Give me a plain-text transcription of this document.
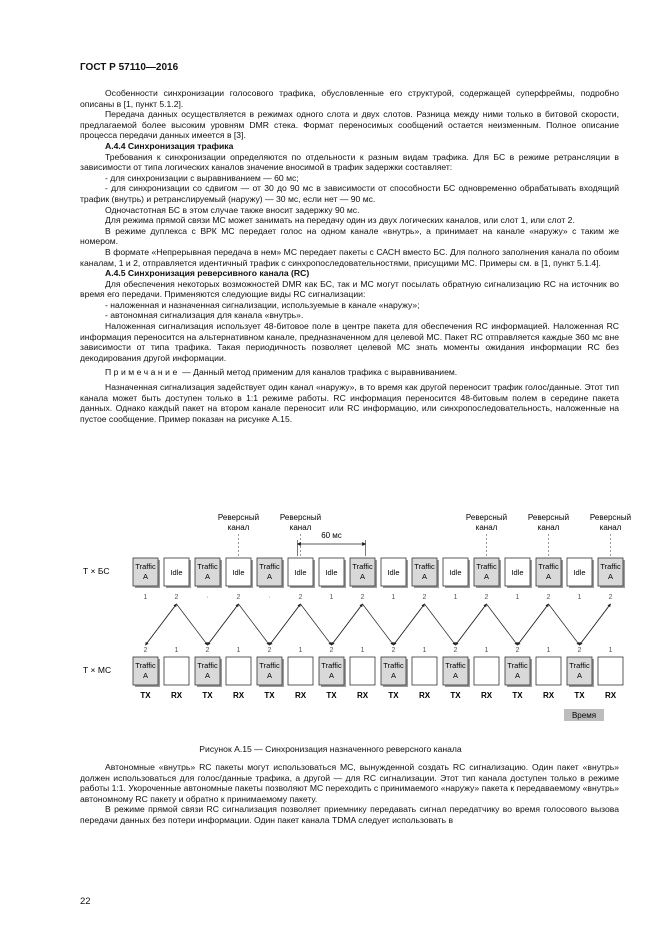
ГОСТ Р 57110—2016

Особенности синхронизации голосового трафика, обусловленные его структурой, содержащей суперфреймы, подробно описаны в [1, пункт 5.1.2].

Передача данных осуществляется в режимах одного слота и двух слотов. Разница между ними только в битовой скорости, предлагаемой более высоким уровням DMR стека. Формат переносимых сообщений остается неизменным. Полное описание процесса передачи данных имеется в [3].

А.4.4 Синхронизация трафика

Требования к синхронизации определяются по отдельности к разным видам трафика. Для БС в режиме ретрансляции в зависимости от типа логических каналов значение вносимой в трафик задержки составляет:

- для синхронизации с выравниванием — 60 мс;

- для синхронизации со сдвигом — от 30 до 90 мс в зависимости от способности БС одновременно обрабатывать входящий трафик (внутрь) и ретранслируемый (наружу) — 30 мс, если нет — 90 мс.

Одночастотная БС в этом случае также вносит задержку 90 мс.

Для режима прямой связи МС может занимать на передачу один из двух логических каналов, или слот 1, или слот 2.

В режиме дуплекса с ВРК МС передает голос на одном канале «внутрь», а принимает на канале «наружу» с таким же номером.

В формате «Непрерывная передача в нем» МС передает пакеты с САСН вместо БС. Для полного заполнения канала по обоим каналам, 1 и 2, отправляется идентичный трафик с синхропоследовательностями, присущими МС. Примеры см. в [1, пункт 5.1.4].

А.4.5 Синхронизация реверсивного канала (RC)

Для обеспечения некоторых возможностей DMR как БС, так и МС могут посылать обратную сигнализацию RC на источник во время его передачи. Применяются следующие виды RC сигнализации:

- наложенная и назначенная сигнализации, используемые в канале «наружу»;

- автономная сигнализация для канала «внутрь».

Наложенная сигнализация использует 48-битовое поле в центре пакета для обеспечения RC информацией. Наложенная RC информация переносится на альтернативном канале, предназначенном для целевой МС. Пакет RC отправляется каждые 360 мс вне зависимости от типа трафика. Такая периодичность позволяет целевой МС знать моменты ожидания информации RC без декодирования другой информации.

Примечание — Данный метод применим для каналов трафика с выравниванием.

Назначенная сигнализация задействует один канал «наружу», в то время как другой переносит трафик голос/данные. Этот тип канала может быть доступен только в 1:1 режиме работы. RC информация переносится 48-битовым полем в середине пакета данных. Однако каждый пакет на втором канале переносит или RC информацию, или синхропоследовательность, наложенные на пустое сообщение. Пример показан на рисунке А.15.

Т × БС
Т × МС
Реверсный
канал
Реверсный
канал
Реверсный
канал
Реверсный
канал
Реверсный
канал
60 мс
Traffic
A	Idle
Traffic
A	Idle
Traffic
A	Idle	Idle
Traffic
A	Idle
Traffic
A	Idle
Traffic
A	Idle
Traffic
A	Idle
Traffic
A
Traffic
A
Traffic
A
Traffic
A
Traffic
A
Traffic
A
Traffic
A
Traffic
A
Traffic
A
1	2	·	2	·	2	1	2	1	2	1	2	1	2	1	2
2	1	2	1	2	1	2	1	2	1	2	1	2	1	2	1
TX	RX	TX	RX	TX	RX	TX	RX	TX	RX	TX	RX	TX	RX	TX	RX
Время
Рисунок А.15 — Синхронизация назначенного реверсного канала

Автономные «внутрь» RC пакеты могут использоваться МС, вынужденной создать RC сигнализацию. Один пакет «внутрь» должен использоваться для голос/данные трафика, а другой — для RC сигнализации. Этот тип канала доступен только в режиме работы 1:1. Укороченные автономные пакеты позволяют МС переходить с принимаемого «наружу» пакета к передаваемому «внутрь» автономному RC пакету и обратно к принимаемому пакету.

В режиме прямой связи RC сигнализация позволяет приемнику передавать сигнал передатчику во время голосового вызова передачи данных без потери информации. Один пакет канала TDMA следует использовать в

22
